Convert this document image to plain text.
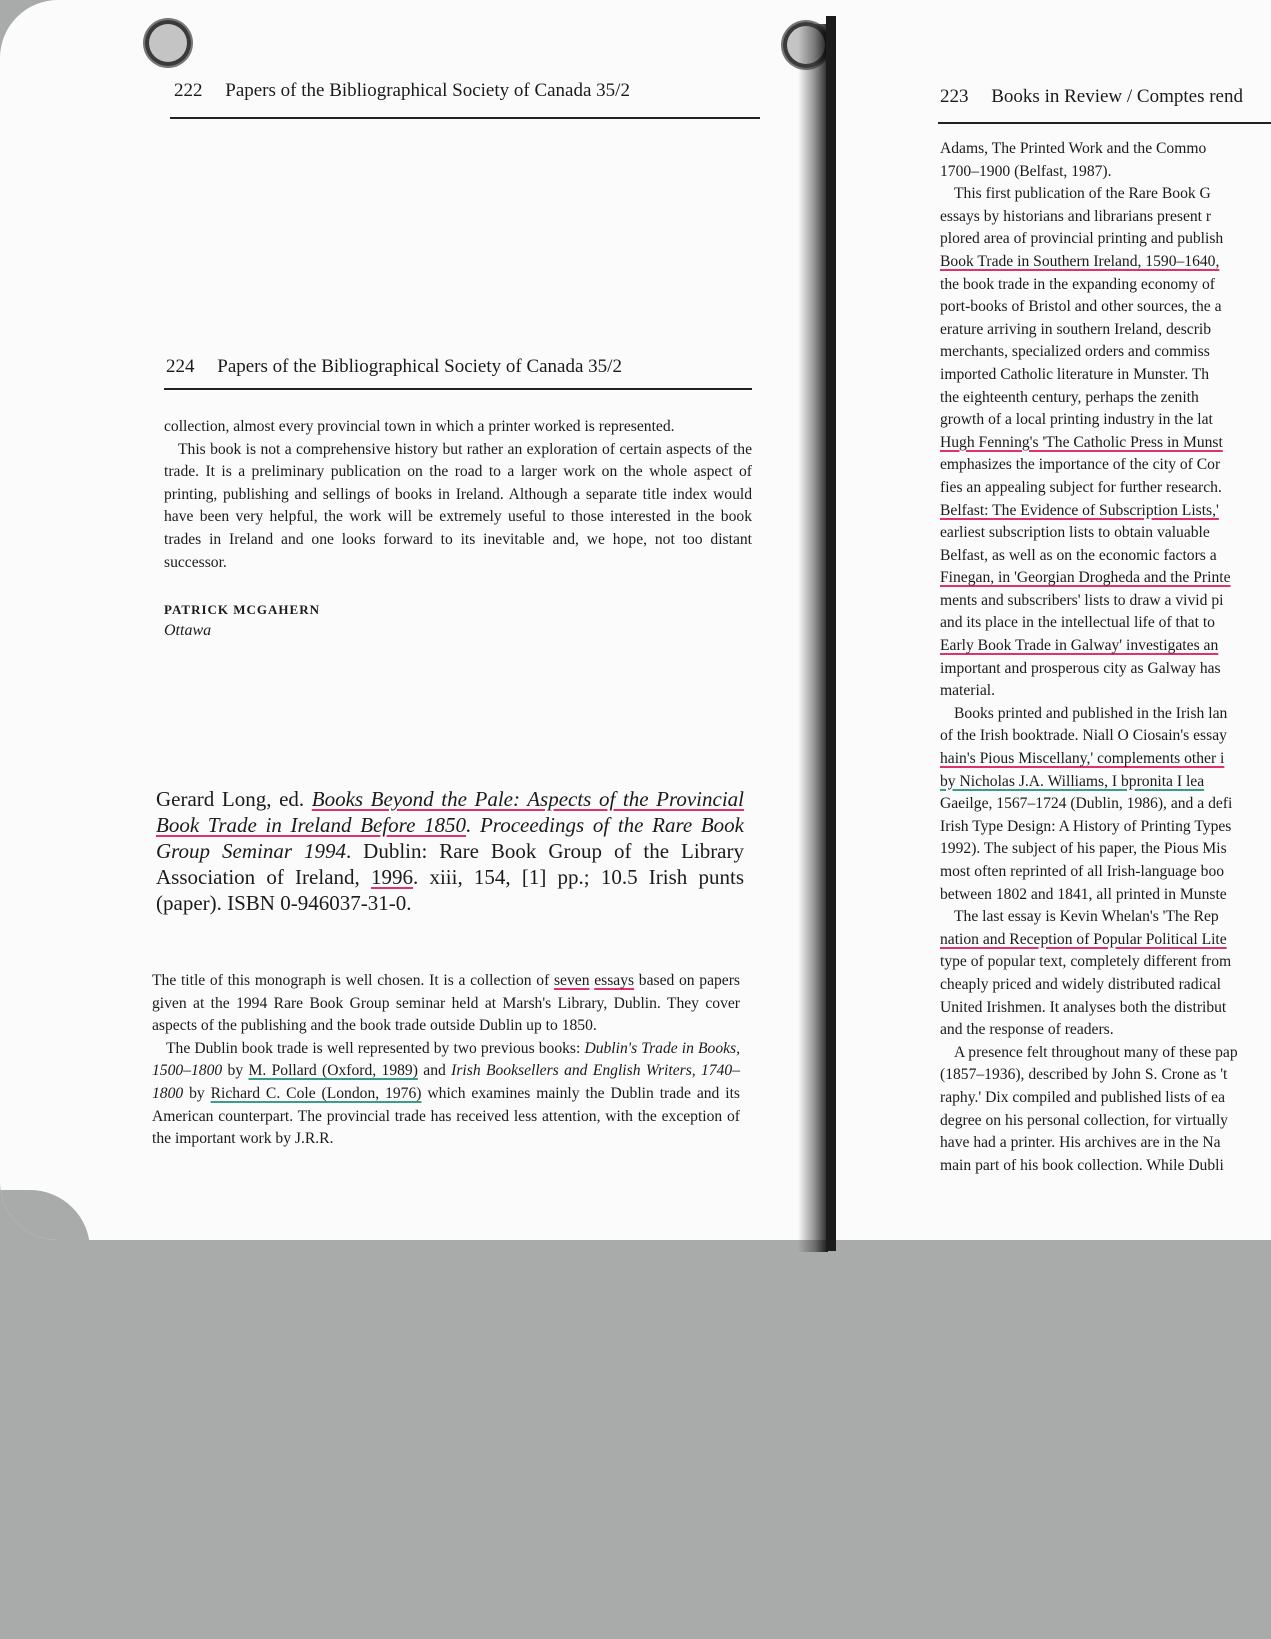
222 Papers of the Bibliographical Society of Canada 35/2
224 Papers of the Bibliographical Society of Canada 35/2

collection, almost every provincial town in which a printer worked is represented.

This book is not a comprehensive history but rather an exploration of certain aspects of the trade. It is a preliminary publication on the road to a larger work on the whole aspect of printing, publishing and sellings of books in Ireland. Although a separate title index would have been very helpful, the work will be extremely useful to those interested in the book trades in Ireland and one looks forward to its inevitable and, we hope, not too distant successor.

PATRICK MCGAHERN
Ottawa
Gerard Long, ed. Books Beyond the Pale: Aspects of the Provincial Book Trade in Ireland Before 1850. Proceedings of the Rare Book Group Seminar 1994. Dublin: Rare Book Group of the Library Association of Ireland, 1996. xiii, 154, [1] pp.; 10.5 Irish punts (paper). ISBN 0-946037-31-0.

The title of this monograph is well chosen. It is a collection of seven essays based on papers given at the 1994 Rare Book Group seminar held at Marsh's Library, Dublin. They cover aspects of the publishing and the book trade outside Dublin up to 1850.

The Dublin book trade is well represented by two previous books: Dublin's Trade in Books, 1500–1800 by M. Pollard (Oxford, 1989) and Irish Booksellers and English Writers, 1740–1800 by Richard C. Cole (London, 1976) which examines mainly the Dublin trade and its American counterpart. The provincial trade has received less attention, with the exception of the important work by J.R.R.

223 Books in Review / Comptes rend
Adams, The Printed Work and the Commo
1700–1900 (Belfast, 1987).
This first publication of the Rare Book G
essays by historians and librarians present r
plored area of provincial printing and publish
Book Trade in Southern Ireland, 1590–1640,
the book trade in the expanding economy of
port-books of Bristol and other sources, the a
erature arriving in southern Ireland, describ
merchants, specialized orders and commiss
imported Catholic literature in Munster. Th
the eighteenth century, perhaps the zenith
growth of a local printing industry in the lat
Hugh Fenning's 'The Catholic Press in Munst
emphasizes the importance of the city of Cor
fies an appealing subject for further research.
Belfast: The Evidence of Subscription Lists,'
earliest subscription lists to obtain valuable
Belfast, as well as on the economic factors a
Finegan, in 'Georgian Drogheda and the Printe
ments and subscribers' lists to draw a vivid pi
and its place in the intellectual life of that to
Early Book Trade in Galway' investigates an
important and prosperous city as Galway has
material.
Books printed and published in the Irish lan
of the Irish booktrade. Niall O Ciosain's essay
hain's Pious Miscellany,' complements other i
by Nicholas J.A. Williams, I bpronita I lea
Gaeilge, 1567–1724 (Dublin, 1986), and a defi
Irish Type Design: A History of Printing Types
1992). The subject of his paper, the Pious Mis
most often reprinted of all Irish-language boo
between 1802 and 1841, all printed in Munste
The last essay is Kevin Whelan's 'The Rep
nation and Reception of Popular Political Lite
type of popular text, completely different from
cheaply priced and widely distributed radical
United Irishmen. It analyses both the distribut
and the response of readers.
A presence felt throughout many of these pap
(1857–1936), described by John S. Crone as 't
raphy.' Dix compiled and published lists of ea
degree on his personal collection, for virtually
have had a printer. His archives are in the Na
main part of his book collection. While Dubli
